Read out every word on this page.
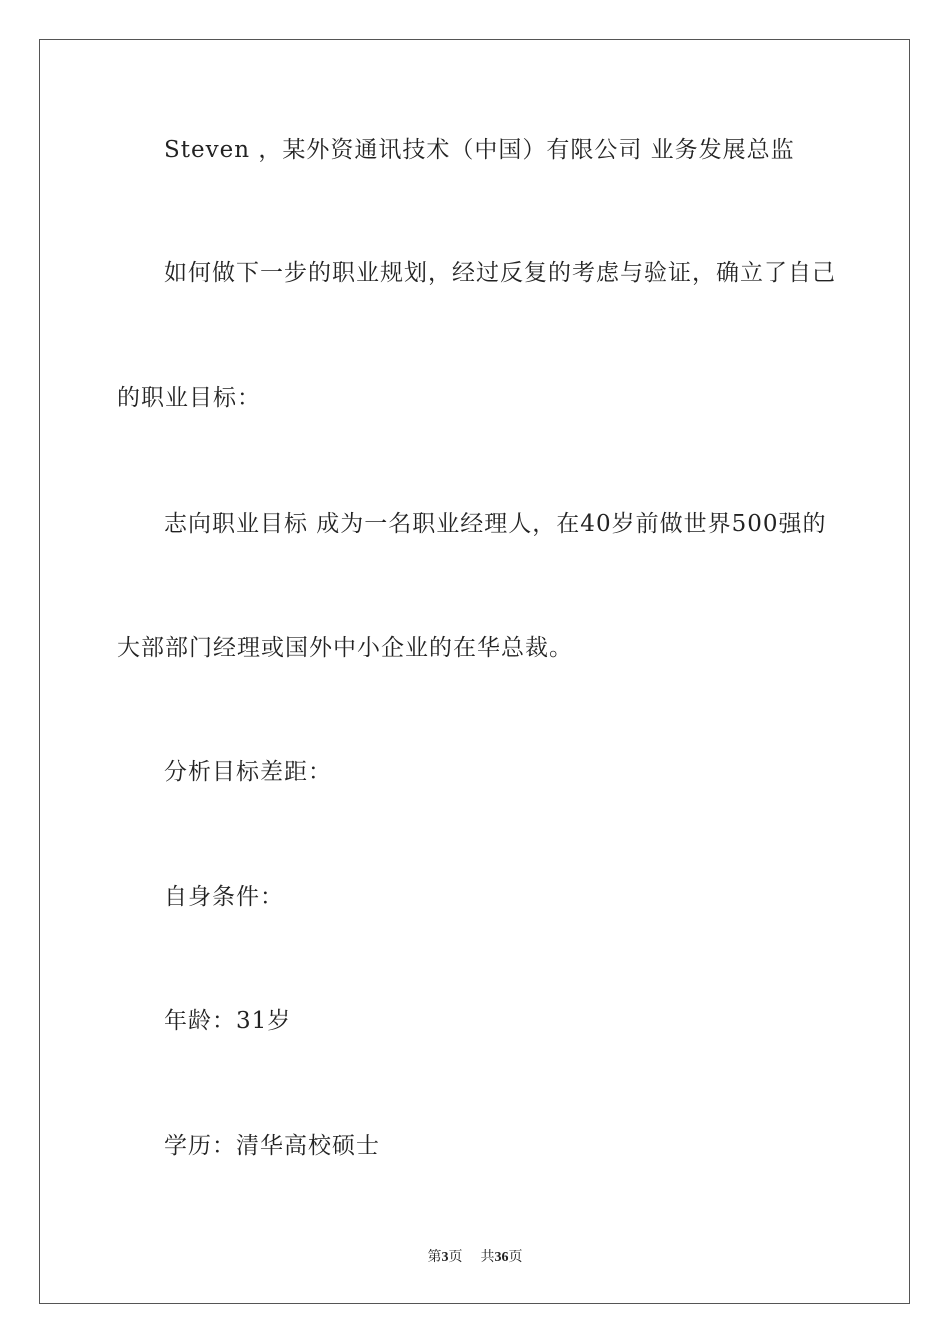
Steven ，某外资通讯技术（中国）有限公司 业务发展总监
如何做下一步的职业规划，经过反复的考虑与验证，确立了自己
的职业目标：
志向职业目标 成为一名职业经理人，在40岁前做世界500强的
大部部门经理或国外中小企业的在华总裁。
分析目标差距：
自身条件：
年龄：31岁
学历：清华高校硕士
第3页 共36页
